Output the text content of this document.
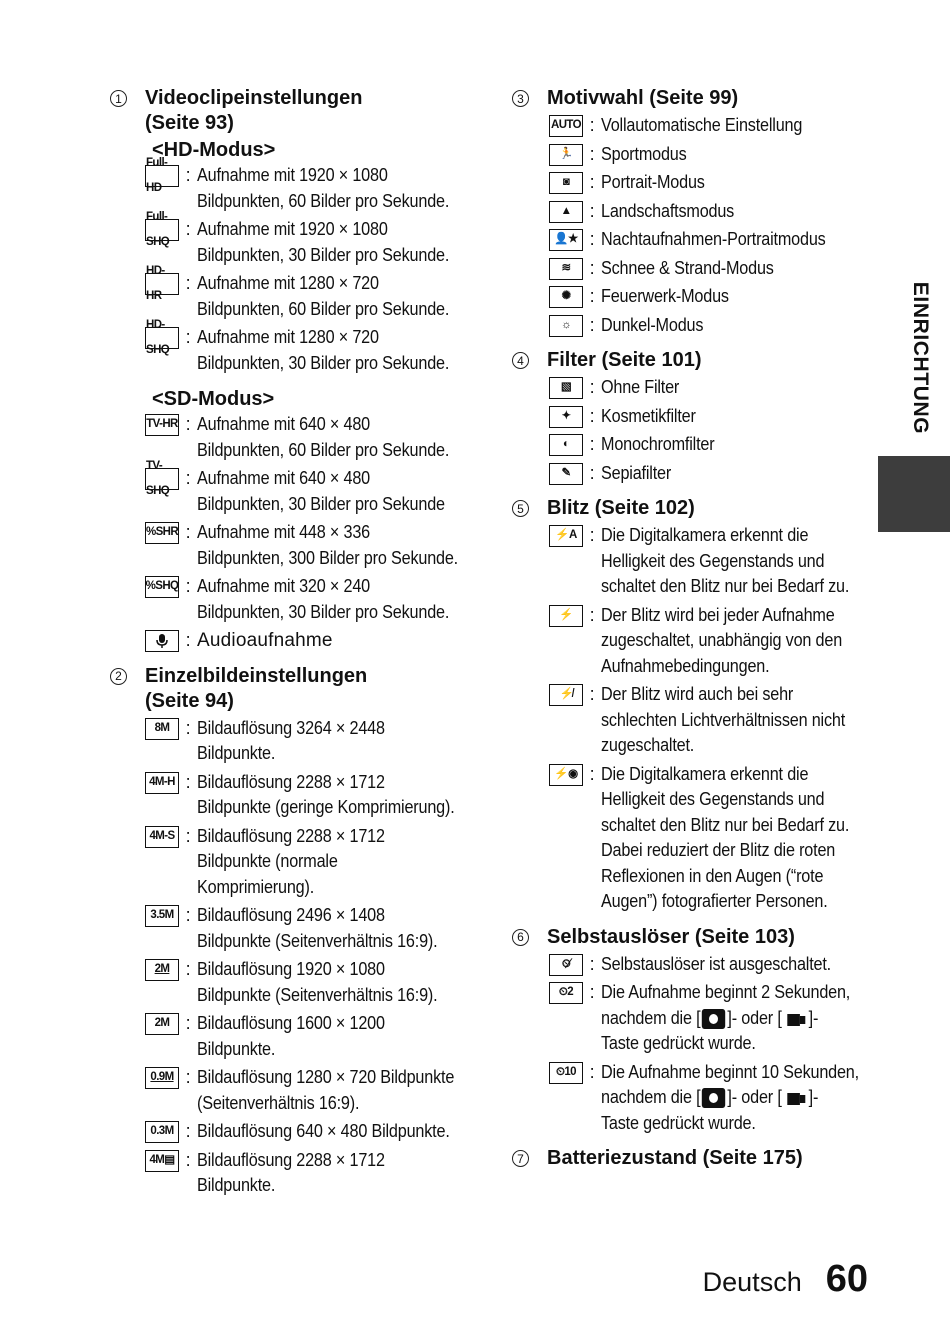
1 Videoclipeinstellungen
(Seite 93)
<HD-Modus>
Full-HD
: Aufnahme mit 1920 × 1080
Bildpunkten, 60 Bilder pro Sekunde.
Full-SHQ
: Aufnahme mit 1920 × 1080
Bildpunkten, 30 Bilder pro Sekunde.
HD-HR
: Aufnahme mit 1280 × 720
Bildpunkten, 60 Bilder pro Sekunde.
HD-SHQ
: Aufnahme mit 1280 × 720
Bildpunkten, 30 Bilder pro Sekunde.
<SD-Modus>
TV-HR : Aufnahme mit 640 × 480
Bildpunkten, 60 Bilder pro Sekunde.
TV-SHQ
: Aufnahme mit 640 × 480
Bildpunkten, 30 Bilder pro Sekunde
%SHR : Aufnahme mit 448 × 336
Bildpunkten, 300 Bilder pro Sekunde.
%SHQ : Aufnahme mit 320 × 240
Bildpunkten, 30 Bilder pro Sekunde.
: Audioaufnahme
2 Einzelbildeinstellungen
(Seite 94)
8M : Bildauflösung 3264 × 2448
Bildpunkte.
4M-H : Bildauflösung 2288 × 1712
Bildpunkte (geringe Komprimierung).
4M-S : Bildauflösung 2288 × 1712
Bildpunkte (normale
Komprimierung).
3.5M : Bildauflösung 2496 × 1408
Bildpunkte (Seitenverhältnis 16:9).
2M : Bildauflösung 1920 × 1080
Bildpunkte (Seitenverhältnis 16:9).
2M : Bildauflösung 1600 × 1200
Bildpunkte.
0.9M : Bildauflösung 1280 × 720 Bildpunkte
(Seitenverhältnis 16:9).
0.3M : Bildauflösung 640 × 480 Bildpunkte.
4M▤ : Bildauflösung 2288 × 1712
Bildpunkte.
3 Motivwahl (Seite 99)
AUTO : Vollautomatische Einstellung
🏃 : Sportmodus
◙	: Portrait-Modus
▲	: Landschaftsmodus
👤★ : Nachtaufnahmen-Portraitmodus
≋	: Schnee & Strand-Modus
✺	: Feuerwerk-Modus
☼	: Dunkel-Modus
4 Filter (Seite 101)
▧	: Ohne Filter
✦	: Kosmetikfilter
◐	: Monochromfilter
✎	: Sepiafilter
5 Blitz (Seite 102)
⚡A : Die Digitalkamera erkennt die
Helligkeit des Gegenstands und
schaltet den Blitz nur bei Bedarf zu.
⚡ : Der Blitz wird bei jeder Aufnahme
zugeschaltet, unabhängig von den
Aufnahmebedingungen.
⚡̸ : Der Blitz wird auch bei sehr
schlechten Lichtverhältnissen nicht
zugeschaltet.
⚡◉ : Die Digitalkamera erkennt die
Helligkeit des Gegenstands und
schaltet den Blitz nur bei Bedarf zu.
Dabei reduziert der Blitz die roten
Reflexionen in den Augen (“rote
Augen”) fotografierter Personen.
6 Selbstauslöser (Seite 103)
⏲̸	: Selbstauslöser ist ausgeschaltet.
⏲2 : Die Aufnahme beginnt 2 Sekunden,
nachdem die [ ]- oder [ ]-
Taste gedrückt wurde.
⏲10 : Die Aufnahme beginnt 10 Sekunden,
nachdem die [ ]- oder [ ]-
Taste gedrückt wurde.
7 Batteriezustand (Seite 175)
EINRICHTUNG
Deutsch 60
